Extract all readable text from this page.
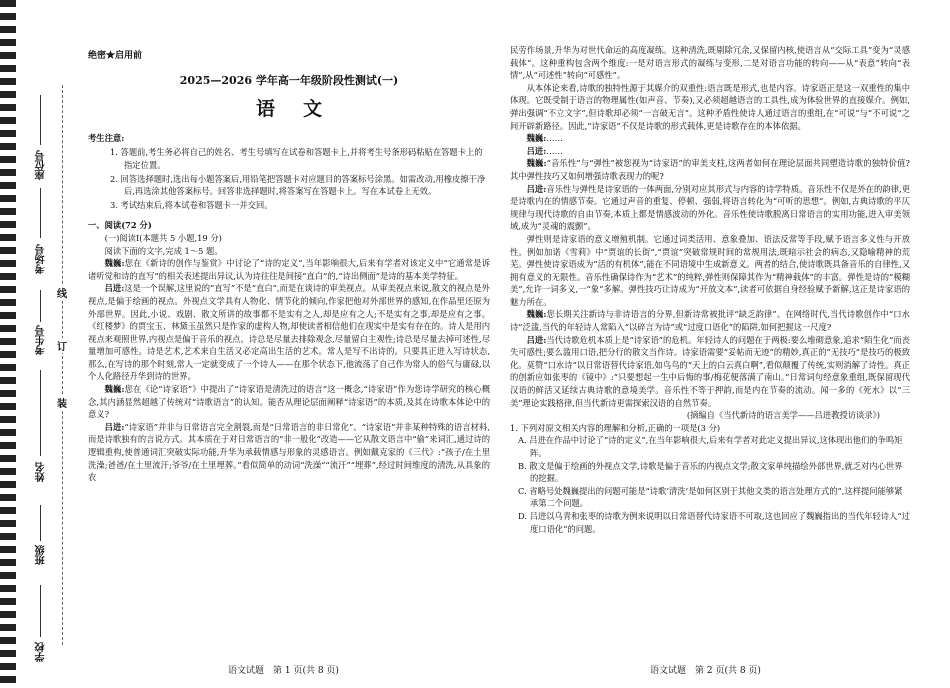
座位号
考场号
考生号
姓名
班级
学校
线
订
装
绝密★启用前
2025—2026 学年高一年级阶段性测试(一)
语文
考生注意:

1. 答题前,考生务必将自己的姓名、考生号填写在试卷和答题卡上,并将考生号条形码粘贴在答题卡上的指定位置。

2. 回答选择题时,选出每小题答案后,用铅笔把答题卡对应题目的答案标号涂黑。如需改动,用橡皮擦干净后,再选涂其他答案标号。回答非选择题时,将答案写在答题卡上。写在本试卷上无效。

3. 考试结束后,将本试卷和答题卡一并交回。

一、阅读(72 分)

(一)阅读Ⅰ(本题共 5 小题,19 分)

阅读下面的文字,完成 1～5 题。

魏巍:您在《新诗的创作与鉴赏》中讨论了“诗的定义”,当年影响很大,后来有学者对该定义中“它通常是诉诸听觉和诗的直写”的相关表述提出异议,认为诗往往是间接“直白”的,“诗出侧面”是诗的基本美学特征。

吕进:这是一个误解,这里说的“直写”不是“直白”,而是在谈诗的审美视点。从审美视点来说,散文的视点是外视点,是偏于绘画的视点。外视点文学具有人物化、情节化的倾向,作家把他对外部世界的感知,在作品里还原为外部世界。因此,小说、戏剧、散文所讲的故事都不是实有之人,却是应有之人;不是实有之事,却是应有之事。《红楼梦》的贾宝玉、林黛玉虽然只是作家的虚构人物,却使读者相信他们在现实中是实有存在的。诗人是用内视点来观照世界,内视点是偏于音乐的视点。诗总是尽量去排除观念,尽量留白主观性;诗总是尽量去掉可述性,尽量增加可感性。诗是艺术,艺术来自生活又必定高出生活的艺术。常人是写不出诗的。只要具正进入写诗状态,那么,在写诗的那个时刻,常人一定就变成了一个诗人——在那个状态下,他流荡了自己作为常人的俗气与庸碌,以个人化路径升华到诗的世界。

魏巍:您在《论“诗家语”》中提出了“诗家语是清洗过的语言”这一概念,“诗家语”作为您诗学研究的核心概念,其内涵显然超越了传统对“诗歌语言”的认知。能否从理论层面阐释“诗家语”的本质,及其在诗歌本体论中的意义?

吕进:“诗家语”并非与日常语言完全割裂,而是“日常语言的非日常化”。“诗家语”并非某种特殊的语言材料,而是诗歌独有的言说方式。其本质在于对日常语言的“非一般化”改造——它从散文语言中“偷”来词汇,通过诗的逻辑重构,使普通词汇突破实际功能,升华为承载情感与形象的灵感语言。例如戴克家的《三代》:“孩子/在土里洗澡;爸爸/在土里流汗;爷爷/在土里埋葬。”看似简单的动词“洗澡”“流汗”“埋葬”,经过时间维度的清洗,从具象的农

民劳作场景,升华为对世代命运的高度凝练。这种清洗,既剔除冗余,又保留内核,使语言从“交际工具”变为“灵感载体”。这种重构包含两个维度:一是对语言形式的凝练与变形,二是对语言功能的转向——从“表意”转向“表情”,从“可述性”转向“可感性”。

从本体论来看,诗歌的独特性源于其媒介的双重性:语言既是形式,也是内容。诗家语正是这一双重性的集中体现。它既受制于语言的物理属性(如声音、节奏),又必须超越语言的工具性,成为体验世界的直接媒介。例如,弹出强调“不立文字”,但诗歌却必须“一言破无言”。这种矛盾性使诗人通过语言的重组,在“可说”与“不可说”之间开辟新路径。因此,“诗家语”不仅是诗歌的形式载体,更是诗歌存在的本体依据。

魏巍:……

吕进:……

魏巍:“音乐性”与“弹性”被您视为“诗家语”的审美支柱,这两者如何在理论层面共同塑造诗歌的独特价值?其中弹性技巧又如何增强诗歌表现力的呢?

吕进:音乐性与弹性是诗家语的一体两面,分别对应其形式与内容的诗学特质。音乐性不仅是外在的韵律,更是诗歌内在的情感节奏。它通过声音的重复、停顿、强弱,将语言转化为“可听的思想”。例如,古典诗歌的平仄规律与现代诗歌的自由节奏,本质上都是情感波动的外化。音乐性使诗歌脱离日常语言的实用功能,进入审美领域,成为“灵魂的震颤”。

弹性则是诗家语的意义增殖机制。它通过词类活用、意象叠加、语法反常等手段,赋予语言多义性与开放性。例如加诺《雪莉》中“贾谊的长街”,“贾谊”突破常规时间的常规用法,既暗示社会的病态,又隐喻精神的荒芜。弹性使诗家语成为“活的有机体”,能在不同语境中生成新意义。两者的结合,使诗歌既具备音乐的自律性,又拥有意义的无限性。音乐性确保诗作为“艺术”的纯粹,弹性则保障其作为“精神载体”的丰富。弹性是诗的“模糊美”,允许一词多义,一“象”多解。弹性技巧让诗成为“开放文本”,读者可依据自身经验赋予新解,这正是诗家语的魅力所在。

魏巍:您长期关注新诗与非诗语言的分界,但新诗常被批评“缺乏韵律”。在网络时代,当代诗歌创作中“口水诗”泛滥,当代的年轻诗人常陷入“以碎言为诗”或“过度口语化”的陷阱,如何把握这一尺度?

吕进:当代诗歌危机本质上是“诗家语”的危机。年轻诗人的问题在于两极:要么堆砌意象,追求“陌生化”而丧失可感性;要么滥用口语,把分行的散文当作诗。诗家语需要“妥帖而无迹”的精妙,真正的“无技巧”是技巧的极致化。莫赞“口水诗”以日常语替代诗家语,如鸟鸟的“天上的白云真白啊”,看似颠覆了传统,实则消解了诗性。真正的创新应如张枣的《镜中》:“只要想起一生中后悔的事/梅花便落满了南山。”日常词句经意象重组,既保留现代汉语的鲜活又延续古典诗歌的意境美学。音乐性不等于押韵,而是内在节奏的流动。闻一多的《死水》以“三美”理论实践格律,但当代新诗更需探索汉语的自然节奏。

(摘编自《当代新诗的语言美学——吕进教授访谈录》)

1. 下列对原文相关内容的理解和分析,正确的一项是(3 分)

A. 吕进在作品中讨论了“诗的定义”,在当年影响很大,后来有学者对此定义提出异议,这体现出他们的争鸣矩阵。

B. 散文是偏于绘画的外视点文学,诗歌是偏于音乐的内视点文学;散文家单纯描绘外部世界,就乏对内心世界的挖掘。

C. 省略号处魏巍提出的问题可能是“诗歌‘清洗’是如何区别于其他文类的语言处理方式的”,这样提问能够紧承第二个问题。

D. 吕进以乌青和张枣的诗歌为例来说明以日常语替代诗家语不可取,这也回应了魏巍指出的当代年轻诗人“过度口语化”的问题。

语文试题　第 1 页(共 8 页)	语文试题　第 2 页(共 8 页)
